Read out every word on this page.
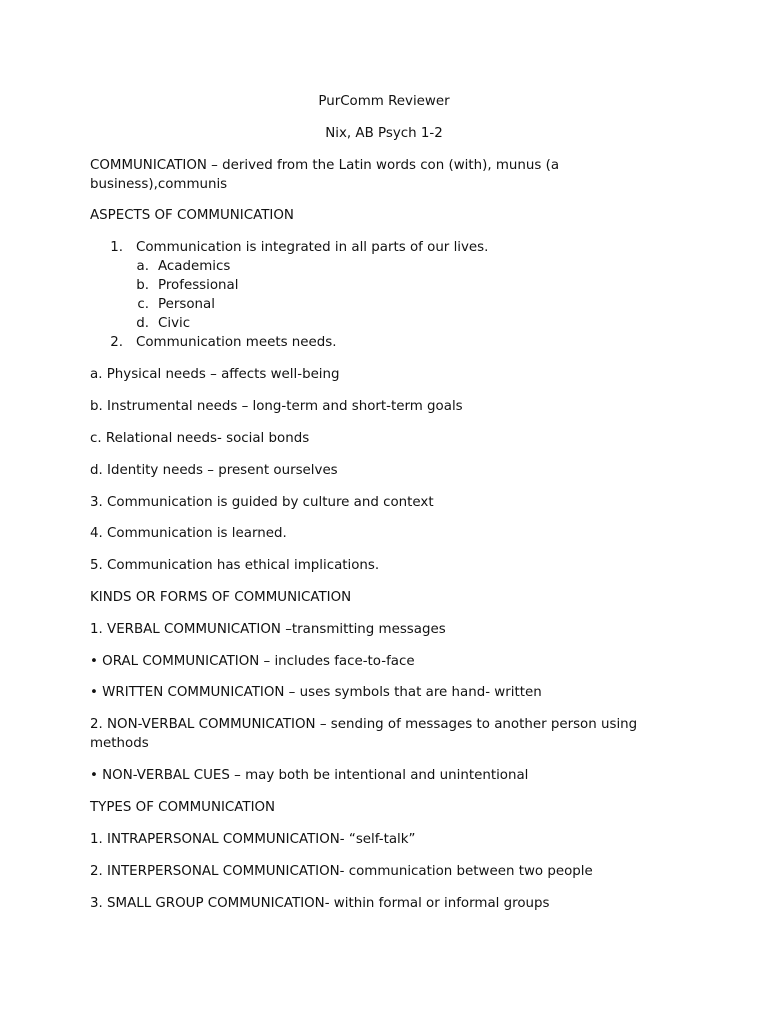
PurComm Reviewer
Nix, AB Psych 1-2
COMMUNICATION – derived from the Latin words con (with), munus (a
business),communis
ASPECTS OF COMMUNICATION
1. Communication is integrated in all parts of our lives.
a. Academics
b. Professional
c. Personal
d. Civic
2. Communication meets needs.
a. Physical needs – affects well-being
b. Instrumental needs – long-term and short-term goals
c. Relational needs- social bonds
d. Identity needs – present ourselves
3. Communication is guided by culture and context
4. Communication is learned.
5. Communication has ethical implications.
KINDS OR FORMS OF COMMUNICATION
1. VERBAL COMMUNICATION –transmitting messages
• ORAL COMMUNICATION – includes face-to-face
• WRITTEN COMMUNICATION – uses symbols that are hand- written
2. NON-VERBAL COMMUNICATION – sending of messages to another person using
methods
• NON-VERBAL CUES – may both be intentional and unintentional
TYPES OF COMMUNICATION
1. INTRAPERSONAL COMMUNICATION- “self-talk”
2. INTERPERSONAL COMMUNICATION- communication between two people
3. SMALL GROUP COMMUNICATION- within formal or informal groups
